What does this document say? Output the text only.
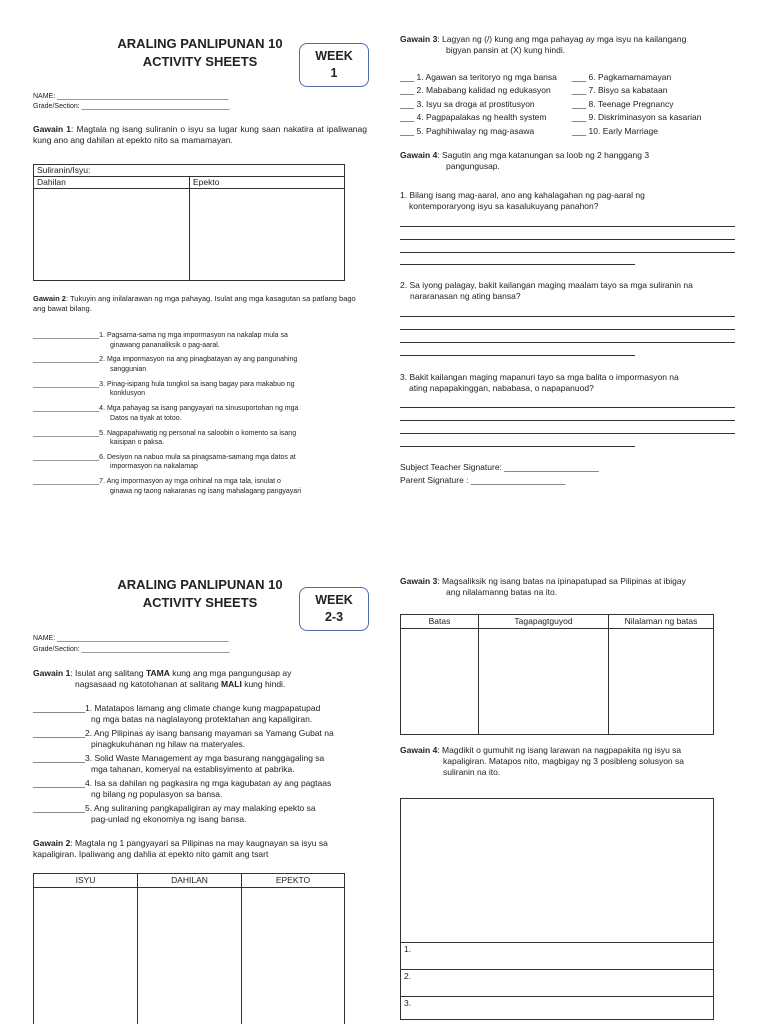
ARALING PANLIPUNAN 10
ACTIVITY SHEETS	WEEK
1
NAME: ____________________________________________
Grade/Section: ______________________________________
Gawain 1: Magtala ng isang suliranin o isyu sa lugar kung saan nakatira at ipaliwanag kung ano ang dahilan at epekto nito sa mamamayan.
Suliranin/Isyu:	
Dahilan	Epekto

Gawain 2: Tukuyin ang inilalarawan ng mga pahayag. Isulat ang mga kasagutan sa patlang bago ang bawat bilang.
_________________1. Pagsama-sama ng mga impormasyon na nakalap mula sa
ginawang pananaliksik o pag-aaral.
_________________2. Mga impormasyon na ang pinagbatayan ay ang pangunahing
sanggunian
_________________3. Pinag-isipang hula tungkol sa isang bagay para makabuo ng
konklusyon
_________________4. Mga pahayag sa isang pangyayari na sinusuportohan ng mga
Datos na tiyak at totoo.
_________________5. Nagpapahiwatig ng personal na saloobin o komento sa isang
kaisipan o paksa.
_________________6. Desiyon na nabuo mula sa pinagsama-samang mga datos at
impormasyon na nakalamap
_________________7. Ang impormasyon ay mga orihinal na mga tala, isnulat o
ginawa ng taong nakaranas ng isang mahalagang pangyayari
Gawain 3: Lagyan ng (/) kung ang mga pahayag ay mga isyu na kailangang
bigyan pansin at (X) kung hindi.
___ 1. Agawan sa teritoryo ng mga bansa
___ 2. Mababang kalidad ng edukasyon
___ 3. Isyu sa droga at prostitusyon
___ 4. Pagpapalakas ng health system
___ 5. Paghihiwalay ng mag-asawa
___ 6. Pagkamamamayan
___ 7. Bisyo sa kabataan
___ 8. Teenage Pregnancy
___ 9. Diskriminasyon sa kasarian
___ 10. Early Marriage
Gawain 4: Sagutin ang mga katanungan sa loob ng 2 hanggang 3
pangungusap.
1. Bilang isang mag-aaral, ano ang kahalagahan ng pag-aaral ng
kontemporaryong isyu sa kasalukuyang panahon?
2. Sa iyong palagay, bakit kailangan maging maalam tayo sa mga suliranin na
nararanasan ng ating bansa?
3. Bakit kailangan maging mapanuri tayo sa mga balita o impormasyon na
ating napapakinggan, nababasa, o napapanuod?
Subject Teacher Signature: ____________________
Parent Signature : ____________________
ARALING PANLIPUNAN 10
ACTIVITY SHEETS	WEEK
2-3
NAME: ____________________________________________
Grade/Section: ______________________________________
Gawain 1: Isulat ang salitang TAMA kung ang mga pangungusap ay
nagsasaad ng katotohanan at salitang MALI kung hindi.
___________1. Matatapos lamang ang climate change kung magpapatupad
ng mga batas na naglalayong protektahan ang kapaligiran.
___________2. Ang Pilipinas ay isang bansang mayaman sa Yamang Gubat na
pinagkukuhanan ng hilaw na materyales.
___________3. Solid Waste Management ay mga basurang nanggagaling sa
mga tahanan, komeryal na establisyimento at pabrika.
___________4. Isa sa dahilan ng pagkasira ng mga kagubatan ay ang pagtaas
ng bilang ng populasyon sa bansa.
___________5. Ang suliraning pangkapaligiran ay may malaking epekto sa
pag-unlad ng ekonomiya ng isang bansa.
Gawain 2: Magtala ng 1 pangyayari sa Pilipinas na may kaugnayan sa isyu sa kapaligiran. Ipaliwang ang dahlia at epekto nito gamit ang tsart
ISYU	DAHILAN	EPEKTO

Gawain 3: Magsaliksik ng isang batas na ipinapatupad sa Pilipinas at ibigay
ang nilalamanng batas na ito.
Batas	Tagapagtguyod	Nilalaman ng batas

Gawain 4: Magdikit o gumuhit ng isang larawan na nagpapakita ng isyu sa
kapaligiran. Matapos nito, magbigay ng 3 posibleng solusyon sa
suliranin na ito.
1.
2.
3.
